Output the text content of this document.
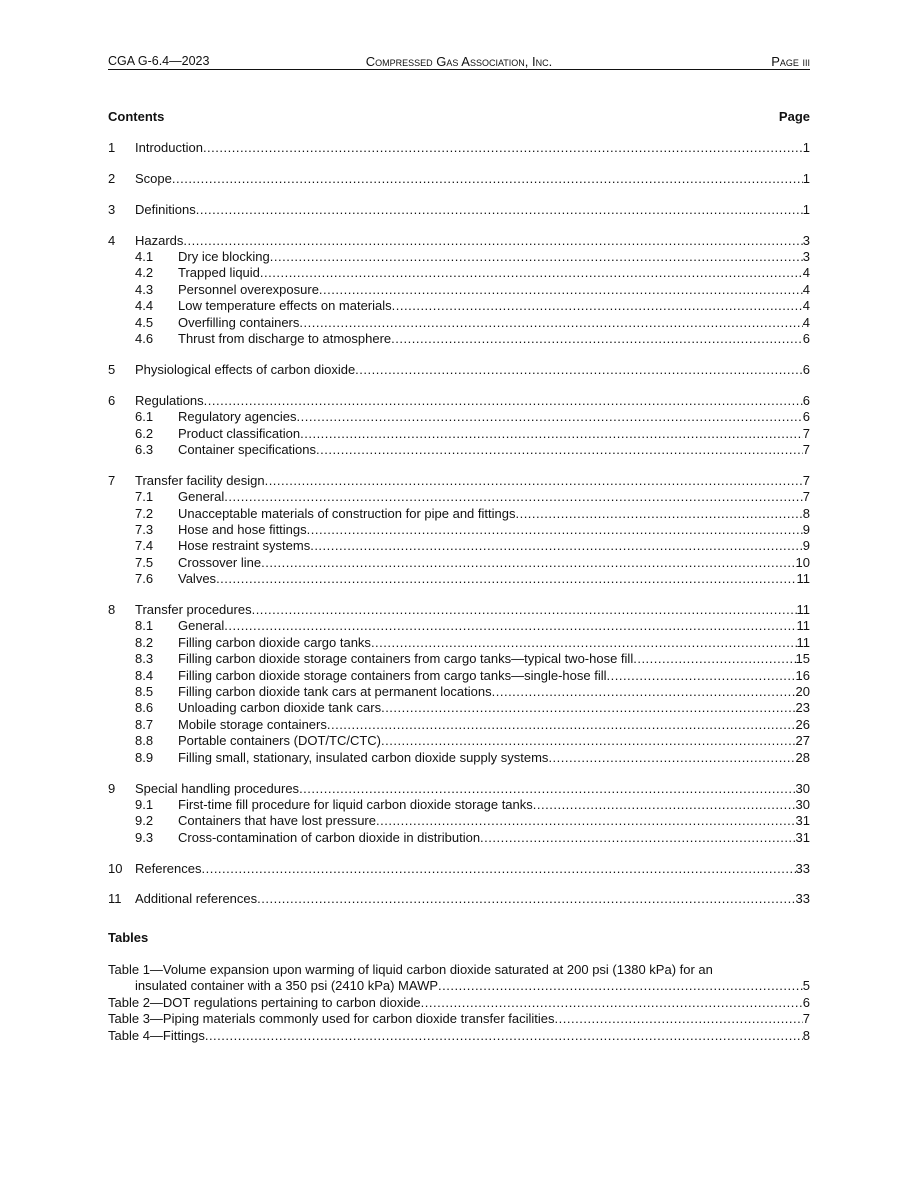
CGA G-6.4—2023	Compressed Gas Association, Inc.	Page iii
Contents	Page
1	Introduction .....	1
2	Scope .....	1
3	Definitions .....	1
4	Hazards .....	3
4.1	Dry ice blocking .....	3
4.2	Trapped liquid .....	4
4.3	Personnel overexposure .....	4
4.4	Low temperature effects on materials .....	4
4.5	Overfilling containers .....	4
4.6	Thrust from discharge to atmosphere .....	6
5	Physiological effects of carbon dioxide .....	6
6	Regulations .....	6
6.1	Regulatory agencies .....	6
6.2	Product classification .....	7
6.3	Container specifications .....	7
7	Transfer facility design .....	7
7.1	General .....	7
7.2	Unacceptable materials of construction for pipe and fittings .....	8
7.3	Hose and hose fittings .....	9
7.4	Hose restraint systems .....	9
7.5	Crossover line .....	10
7.6	Valves .....	11
8	Transfer procedures .....	11
8.1	General .....	11
8.2	Filling carbon dioxide cargo tanks .....	11
8.3	Filling carbon dioxide storage containers from cargo tanks—typical two-hose fill .....	15
8.4	Filling carbon dioxide storage containers from cargo tanks—single-hose fill .....	16
8.5	Filling carbon dioxide tank cars at permanent locations .....	20
8.6	Unloading carbon dioxide tank cars .....	23
8.7	Mobile storage containers .....	26
8.8	Portable containers (DOT/TC/CTC) .....	27
8.9	Filling small, stationary, insulated carbon dioxide supply systems .....	28
9	Special handling procedures .....	30
9.1	First-time fill procedure for liquid carbon dioxide storage tanks .....	30
9.2	Containers that have lost pressure .....	31
9.3	Cross-contamination of carbon dioxide in distribution .....	31
10 References .....	33
11	Additional references .....	33
Tables
Table 1—Volume expansion upon warming of liquid carbon dioxide saturated at 200 psi (1380 kPa) for an
insulated container with a 350 psi (2410 kPa) MAWP .....	5
Table 2—DOT regulations pertaining to carbon dioxide .....	6
Table 3—Piping materials commonly used for carbon dioxide transfer facilities .....	7
Table 4—Fittings .....	8
